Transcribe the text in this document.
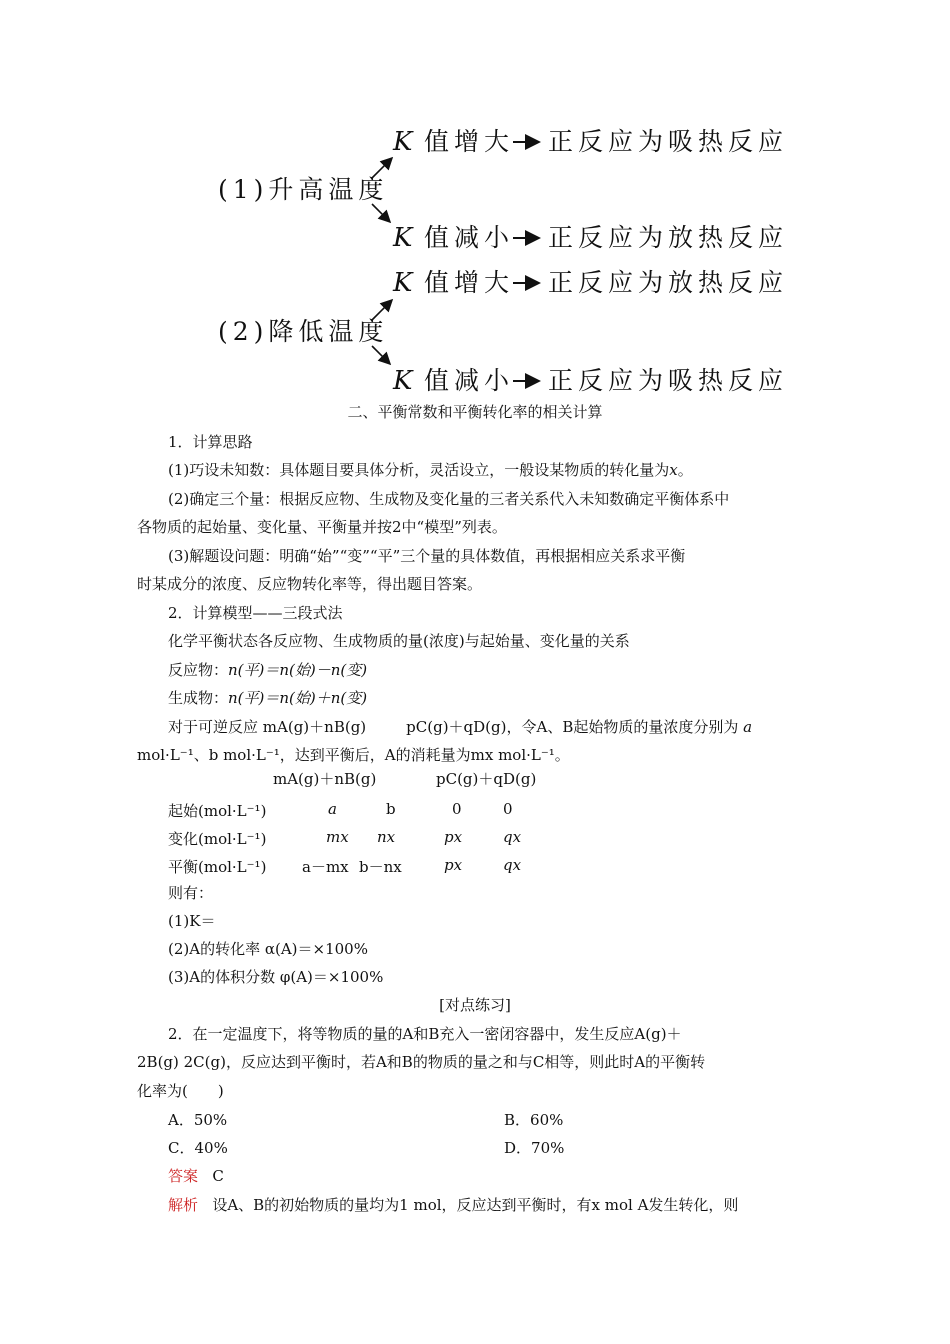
K 值增大 正反应为吸热反应
(1)升高温度
K 值减小 正反应为放热反应
K 值增大 正反应为放热反应
(2)降低温度
K 值减小 正反应为吸热反应
二、平衡常数和平衡转化率的相关计算
1．计算思路
(1)巧设未知数：具体题目要具体分析，灵活设立，一般设某物质的转化量为x。
(2)确定三个量：根据反应物、生成物及变化量的三者关系代入未知数确定平衡体系中
各物质的起始量、变化量、平衡量并按2中“模型”列表。
(3)解题设问题：明确“始”“变”“平”三个量的具体数值，再根据相应关系求平衡
时某成分的浓度、反应物转化率等，得出题目答案。
2．计算模型——三段式法
化学平衡状态各反应物、生成物质的量(浓度)与起始量、变化量的关系
反应物：n(平)＝n(始)－n(变)
生成物：n(平)＝n(始)＋n(变)
对于可逆反应 mA(g)＋nB(g)	pC(g)＋qD(g)，令A、B起始物质的量浓度分别为 a
mol·L⁻¹、b mol·L⁻¹，达到平衡后，A的消耗量为mx mol·L⁻¹。
mA(g)＋nB(g)	pC(g)＋qD(g)
起始(mol·L⁻¹)	a	b	0	0
变化(mol·L⁻¹)	mx nx	px	qx
平衡(mol·L⁻¹) a－mx b－nx	px	qx
则有：
(1)K＝
(2)A的转化率 α(A)＝×100%
(3)A的体积分数 φ(A)＝×100%
[对点练习]
2．在一定温度下，将等物质的量的A和B充入一密闭容器中，发生反应A(g)＋
2B(g) 2C(g)，反应达到平衡时，若A和B的物质的量之和与C相等，则此时A的平衡转
化率为(　　)
A．50%	B．60%
C．40%	D．70%
答案 C
解析 设A、B的初始物质的量均为1 mol，反应达到平衡时，有x mol A发生转化，则
